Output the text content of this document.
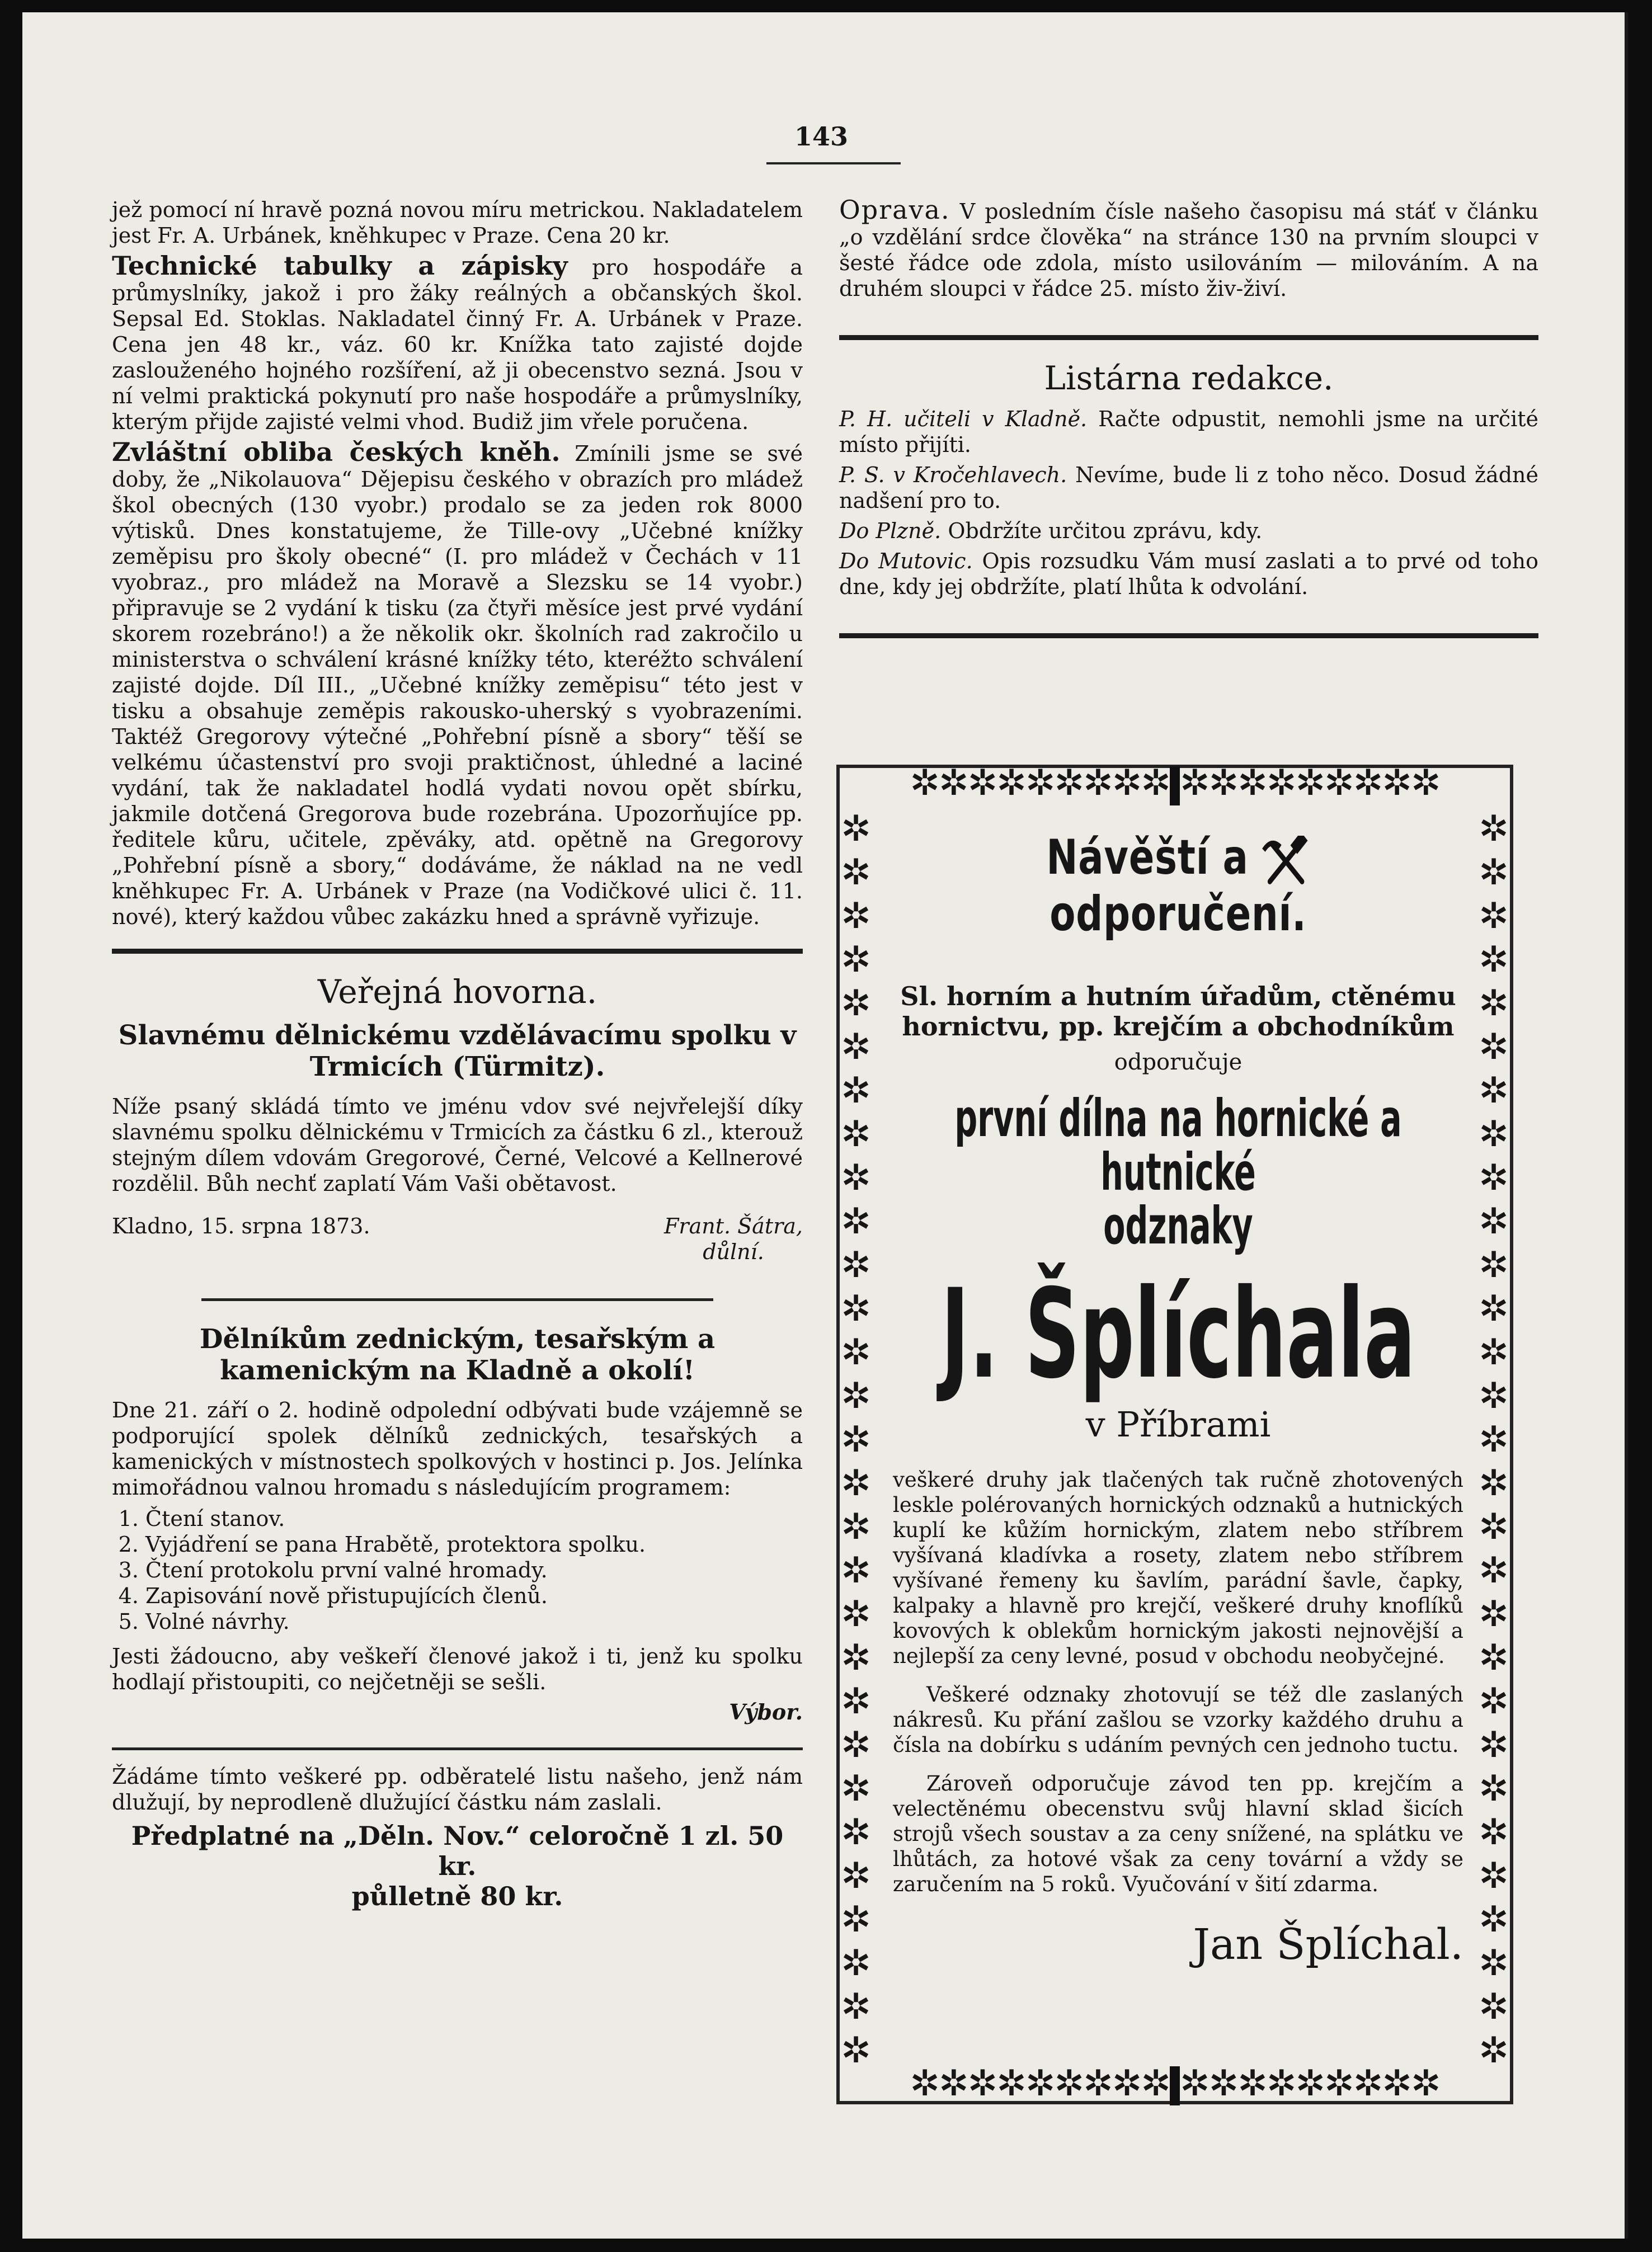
143

jež pomocí ní hravě pozná novou míru metrickou. Nakladatelem jest Fr. A. Urbánek, kněhkupec v Praze. Cena 20 kr.

Technické tabulky a zápisky pro hospodáře a průmyslníky, jakož i pro žáky reálných a občanských škol. Sepsal Ed. Stoklas. Nakladatel činný Fr. A. Urbánek v Praze. Cena jen 48 kr., váz. 60 kr. Knížka tato zajisté dojde zaslouženého hojného rozšíření, až ji obecenstvo sezná. Jsou v ní velmi praktická pokynutí pro naše hospodáře a průmyslníky, kterým přijde zajisté velmi vhod. Budiž jim vřele poručena.

Zvláštní obliba českých kněh. Zmínili jsme se své doby, že „Nikolauova“ Dějepisu českého v obrazích pro mládež škol obecných (130 vyobr.) prodalo se za jeden rok 8000 výtisků. Dnes konstatujeme, že Tille-ovy „Učebné knížky zeměpisu pro školy obecné“ (I. pro mládež v Čechách v 11 vyobraz., pro mládež na Moravě a Slezsku se 14 vyobr.) připravuje se 2 vydání k tisku (za čtyři měsíce jest prvé vydání skorem rozebráno!) a že několik okr. školních rad zakročilo u ministerstva o schválení krásné knížky této, kteréžto schválení zajisté dojde. Díl III., „Učebné knížky zeměpisu“ této jest v tisku a obsahuje zeměpis rakousko-uherský s vyobrazeními. Taktéž Gregorovy výtečné „Pohřební písně a sbory“ těší se velkému účastenství pro svoji praktičnost, úhledné a laciné vydání, tak že nakladatel hodlá vydati novou opět sbírku, jakmile dotčená Gregorova bude rozebrána. Upozorňujíce pp. ředitele kůru, učitele, zpěváky, atd. opětně na Gregorovy „Pohřební písně a sbory,“ dodáváme, že náklad na ne vedl kněhkupec Fr. A. Urbánek v Praze (na Vodičkové ulici č. 11. nové), který každou vůbec zakázku hned a správně vyřizuje.

Veřejná hovorna.
Slavnému dělnickému vzdělávacímu spolku v Trmicích (Türmitz).

Níže psaný skládá tímto ve jménu vdov své nejvřelejší díky slavnému spolku dělnickému v Trmicích za částku 6 zl., kterouž stejným dílem vdovám Gregorové, Černé, Velcové a Kellnerové rozdělil. Bůh nechť zaplatí Vám Vaši obětavost.

Kladno, 15. srpna 1873.	Frant. Šátra,
důlní.
Dělníkům zednickým, tesařským a kamenickým na Kladně a okolí!

Dne 21. září o 2. hodině odpolední odbývati bude vzájemně se podporující spolek dělníků zednických, tesařských a kamenických v místnostech spolkových v hostinci p. Jos. Jelínka mimořádnou valnou hromadu s následujícím programem:

1. Čtení stanov.
2. Vyjádření se pana Hrabětě, protektora spolku.
3. Čtení protokolu první valné hromady.
4. Zapisování nově přistupujících členů.
5. Volné návrhy.

Jesti žádoucno, aby veškeří členové jakož i ti, jenž ku spolku hodlají přistoupiti, co nejčetněji se sešli.

Výbor.

Žádáme tímto veškeré pp. odběratelé listu našeho, jenž nám dlužují, by neprodleně dlužující částku nám zaslali.

Předplatné na „Děln. Nov.“ celoročně 1 zl. 50 kr.

půlletně 80 kr.

Oprava. V posledním čísle našeho časopisu má stáť v článku „o vzdělání srdce člověka“ na stránce 130 na prvním sloupci v šesté řádce ode zdola, místo usilováním — milováním. A na druhém sloupci v řádce 25. místo živ-živí.

Listárna redakce.

P. H. učiteli v Kladně. Račte odpustit, nemohli jsme na určité místo přijíti.

P. S. v Kročehlavech. Nevíme, bude li z toho něco. Dosud žádné nadšení pro to.

Do Plzně. Obdržíte určitou zprávu, kdy.

Do Mutovic. Opis rozsudku Vám musí zaslati a to prvé od toho dne, kdy jej obdržíte, platí lhůta k odvolání.

✲✲✲✲✲✲✲✲✲ ✲✲✲✲✲✲✲✲✲
✲
✲
✲
✲
✲
✲
✲
✲
✲
✲
✲
✲
✲
✲
✲
✲
✲
✲
✲
✲
✲
✲
✲
✲
✲
✲
✲
✲
✲
✲
✲
✲
✲
✲
✲
✲
✲
✲
✲
✲
✲
✲
✲
✲
✲
✲
✲
✲
✲
✲
✲
✲
✲
✲
✲
✲
✲
✲
✲✲✲✲✲✲✲✲✲ ✲✲✲✲✲✲✲✲✲
Návěští a  odporučení.
Sl. horním a hutním úřadům, ctěnému hornictvu, pp. krejčím a obchodníkům
odporučuje
první dílna na hornické a hutnické
odznaky
J. Šplíchala
v Příbrami
veškeré druhy jak tlačených tak ručně zhotovených leskle polérovaných hornických odznaků a hutnických kuplí ke kůžím hornickým, zlatem nebo stříbrem vyšívaná kladívka a rosety, zlatem nebo stříbrem vyšívané řemeny ku šavlím, parádní šavle, čapky, kalpaky a hlavně pro krejčí, veškeré druhy knoflíků kovových k oblekům hornickým jakosti nejnovější a nejlepší za ceny levné, posud v obchodu neobyčejné.
Veškeré odznaky zhotovují se též dle zaslaných nákresů. Ku přání zašlou se vzorky každého druhu a čísla na dobírku s udáním pevných cen jednoho tuctu.
Zároveň odporučuje závod ten pp. krejčím a velectěnému obecenstvu svůj hlavní sklad šicích strojů všech soustav a za ceny snížené, na splátku ve lhůtách, za hotové však za ceny tovární a vždy se zaručením na 5 roků. Vyučování v šití zdarma.
Jan Šplíchal.
